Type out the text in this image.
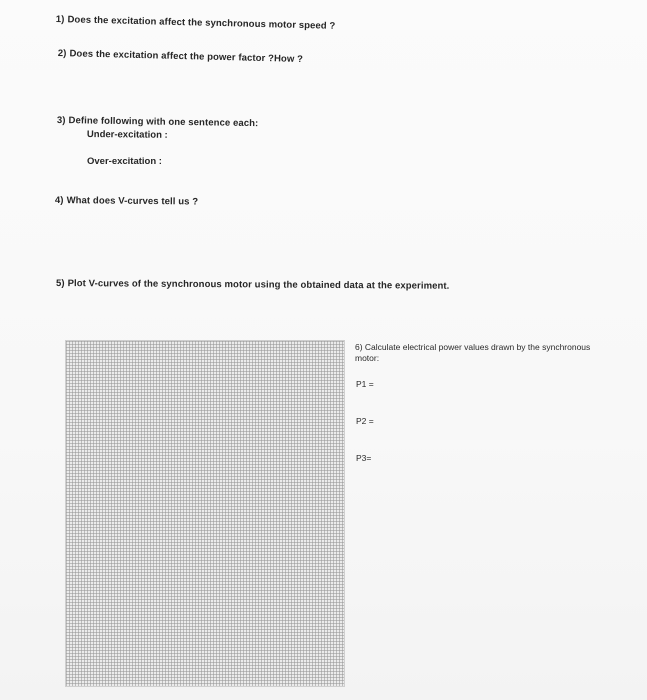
1) Does the excitation affect the synchronous motor speed ?
2) Does the excitation affect the power factor ?How ?
3) Define following with one sentence each:
Under-excitation :
Over-excitation :
4) What does V-curves tell us ?
5) Plot V-curves of the synchronous motor using the obtained data at the experiment.
6) Calculate electrical power values drawn by the synchronous motor:
P1 =
P2 =
P3=
